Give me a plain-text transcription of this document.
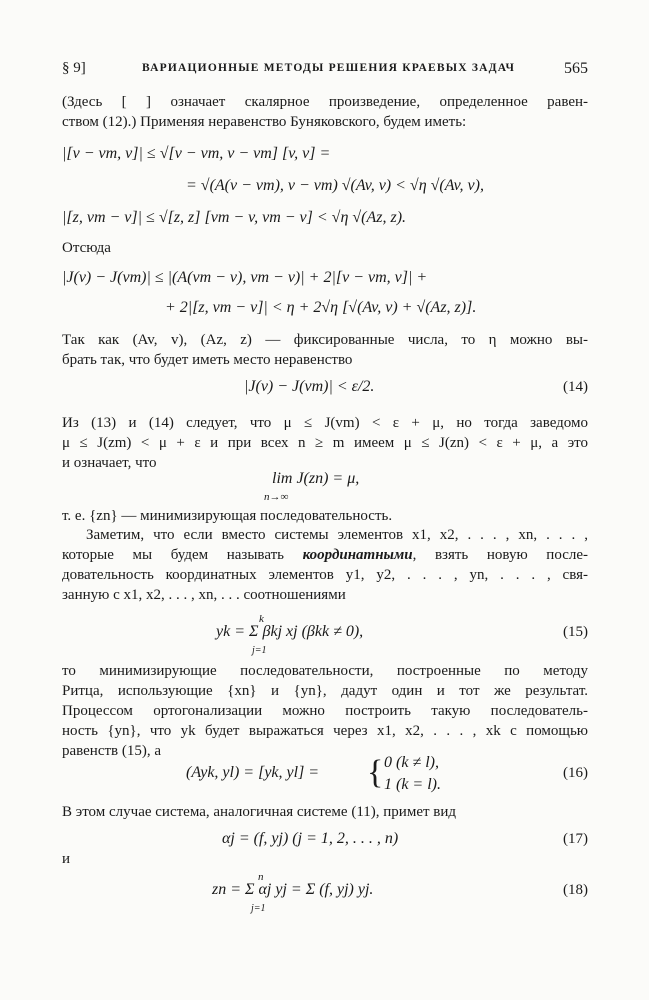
§ 9]	ВАРИАЦИОННЫЕ МЕТОДЫ РЕШЕНИЯ КРАЕВЫХ ЗАДАЧ	565
(Здесь [ ] означает скалярное произведение, определенное равен-
ством (12).) Применяя неравенство Буняковского, будем иметь:
|[v − vm, v]| ≤ √[v − vm, v − vm] [v, v] =
= √(A(v − vm), v − vm) √(Av, v) < √η √(Av, v),
|[z, vm − v]| ≤ √[z, z] [vm − v, vm − v] < √η √(Az, z).
Отсюда
|J(v) − J(vm)| ≤ |(A(vm − v), vm − v)| + 2|[v − vm, v]| +
+ 2|[z, vm − v]| < η + 2√η [√(Av, v) + √(Az, z)].
Так как (Av, v), (Az, z) — фиксированные числа, то η можно вы-
брать так, что будет иметь место неравенство
|J(v) − J(vm)| < ε/2.	(14)
Из (13) и (14) следует, что μ ≤ J(vm) < ε + μ, но тогда заведомо
μ ≤ J(zm) < μ + ε и при всех n ≥ m имеем μ ≤ J(zn) < ε + μ, а это
и означает, что
lim J(zn) = μ,
n→∞
т. е. {zn} — минимизирующая последовательность.
Заметим, что если вместо системы элементов x1, x2, . . . , xn, . . . ,
которые мы будем называть координатными, взять новую после-
довательность координатных элементов y1, y2, . . . , yn, . . . , свя-
занную с x1, x2, . . . , xn, . . . соотношениями
k
yk = Σ βkj xj (βkk ≠ 0),
j=1
(15)
то минимизирующие последовательности, построенные по методу
Ритца, использующие {xn} и {yn}, дадут один и тот же результат.
Процессом ортогонализации можно построить такую последователь-
ность {yn}, что yk будет выражаться через x1, x2, . . . , xk с помощью
равенств (15), а
(Ayk, yl) = [yk, yl] = { 0 (k ≠ l),
1 (k = l).
(16)
В этом случае система, аналогичная системе (11), примет вид
αj = (f, yj) (j = 1, 2, . . . , n)	(17)
и
n
zn = Σ αj yj = Σ (f, yj) yj.
j=1
(18)
